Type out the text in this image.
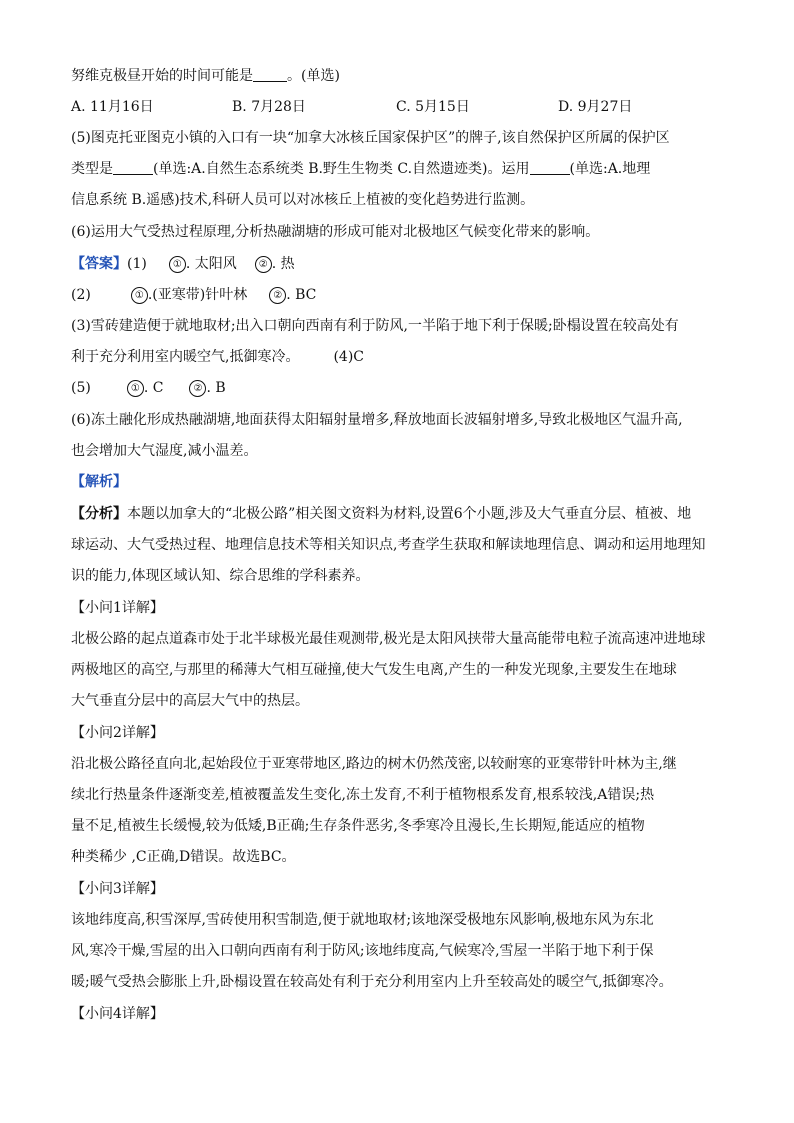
努维克极昼开始的时间可能是 。(单选)
A. 11月16日	B. 7月28日	C. 5月15日	D. 9月27日
(5)图克托亚图克小镇的入口有一块“加拿大冰核丘国家保护区”的牌子,该自然保护区所属的保护区
类型是	(单选:A.自然生态系统类 B.野生生物类 C.自然遗迹类)。运用	(单选:A.地理
信息系统 B.遥感)技术,科研人员可以对冰核丘上植被的变化趋势进行监测。
(6)运用大气受热过程原理,分析热融湖塘的形成可能对北极地区气候变化带来的影响。
【答案】(1)	① . 太阳风 ② . 热
(2)	① .(亚寒带)针叶林	② . BC
(3)雪砖建造便于就地取材;出入口朝向西南有利于防风,一半陷于地下利于保暖;卧榻设置在较高处有
利于充分利用室内暖空气,抵御寒冷。 (4)C
(5)	① . C	② . B
(6)冻土融化形成热融湖塘,地面获得太阳辐射量增多,释放地面长波辐射增多,导致北极地区气温升高,
也会增加大气湿度,减小温差。
【解析】
【分析】本题以加拿大的“北极公路”相关图文资料为材料,设置6个小题,涉及大气垂直分层、植被、地
球运动、大气受热过程、地理信息技术等相关知识点,考查学生获取和解读地理信息、调动和运用地理知
识的能力,体现区域认知、综合思维的学科素养。
【小问1详解】
北极公路的起点道森市处于北半球极光最佳观测带,极光是太阳风挟带大量高能带电粒子流高速冲进地球
两极地区的高空,与那里的稀薄大气相互碰撞,使大气发生电离,产生的一种发光现象,主要发生在地球
大气垂直分层中的高层大气中的热层。
【小问2详解】
沿北极公路径直向北,起始段位于亚寒带地区,路边的树木仍然茂密,以较耐寒的亚寒带针叶林为主,继
续北行热量条件逐渐变差,植被覆盖发生变化,冻土发育,不利于植物根系发育,根系较浅,A错误;热
量不足,植被生长缓慢,较为低矮,B正确;生存条件恶劣,冬季寒冷且漫长,生长期短,能适应的植物
种类稀少 ,C正确,D错误。故选BC。
【小问3详解】
该地纬度高,积雪深厚,雪砖使用积雪制造,便于就地取材;该地深受极地东风影响,极地东风为东北
风,寒冷干燥,雪屋的出入口朝向西南有利于防风;该地纬度高,气候寒冷,雪屋一半陷于地下利于保
暖;暖气受热会膨胀上升,卧榻设置在较高处有利于充分利用室内上升至较高处的暖空气,抵御寒冷。
【小问4详解】
